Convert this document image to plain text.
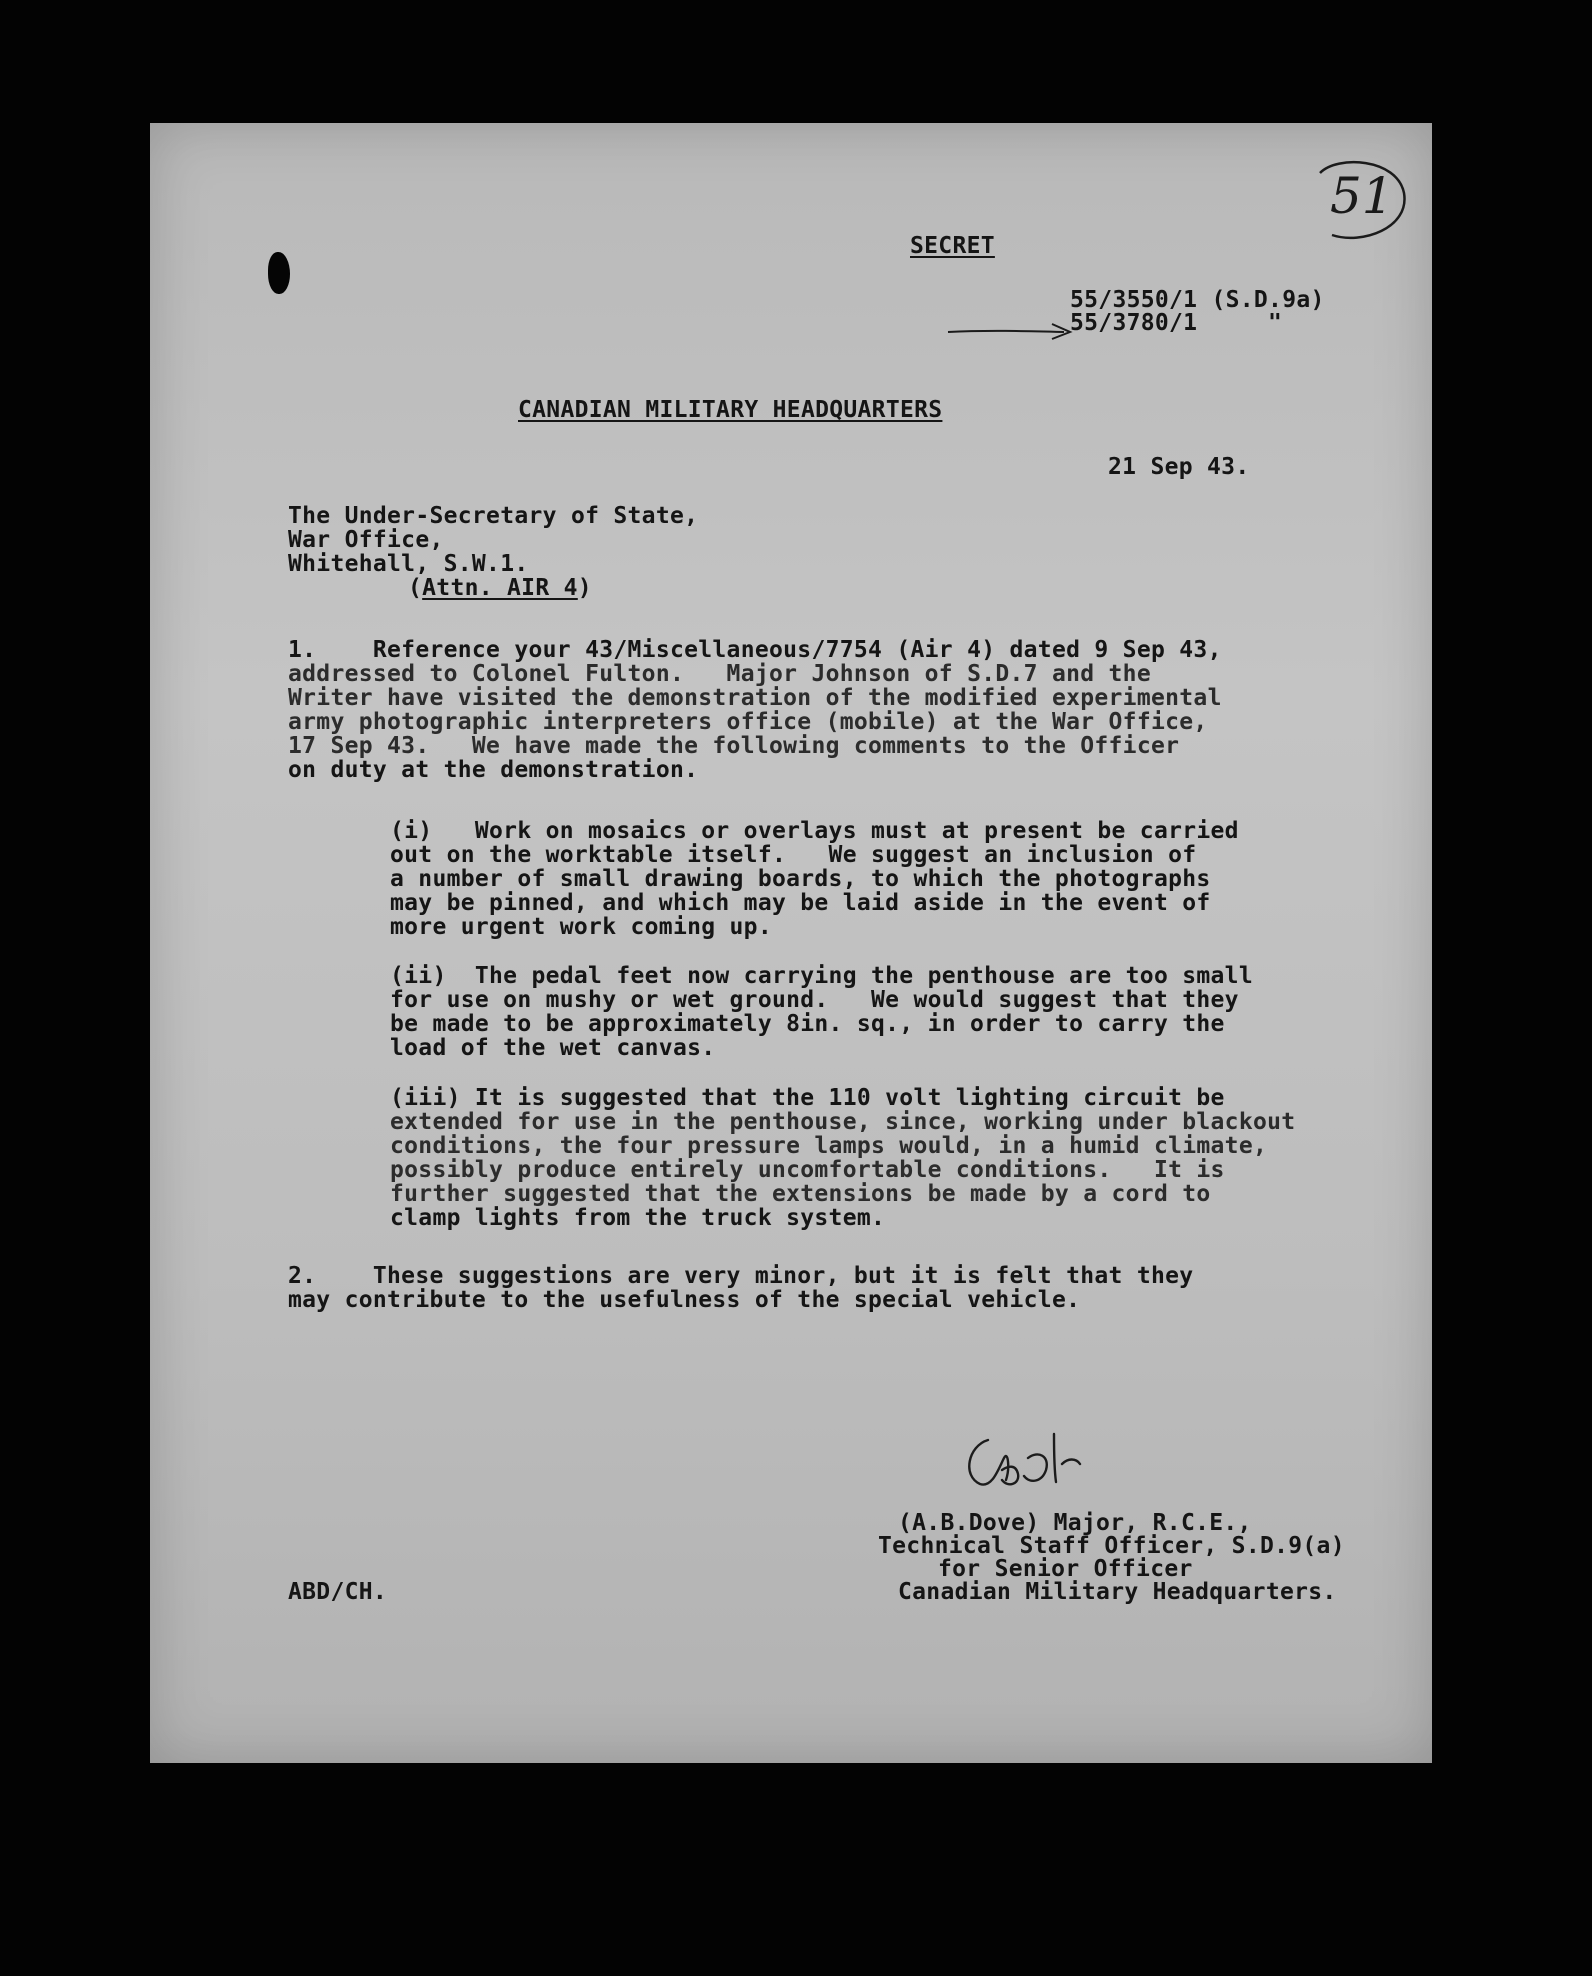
51
SECRET
55/3550/1 (S.D.9a)
55/3780/1     "
CANADIAN MILITARY HEADQUARTERS
21 Sep 43.
The Under-Secretary of State,
War Office,
Whitehall, S.W.1.
(Attn. AIR 4)
1.    Reference your 43/Miscellaneous/7754 (Air 4) dated 9 Sep 43,
addressed to Colonel Fulton.   Major Johnson of S.D.7 and the
Writer have visited the demonstration of the modified experimental
army photographic interpreters office (mobile) at the War Office,
17 Sep 43.   We have made the following comments to the Officer
on duty at the demonstration.
(i)   Work on mosaics or overlays must at present be carried
out on the worktable itself.   We suggest an inclusion of
a number of small drawing boards, to which the photographs
may be pinned, and which may be laid aside in the event of
more urgent work coming up.
(ii)  The pedal feet now carrying the penthouse are too small
for use on mushy or wet ground.   We would suggest that they
be made to be approximately 8in. sq., in order to carry the
load of the wet canvas.
(iii) It is suggested that the 110 volt lighting circuit be
extended for use in the penthouse, since, working under blackout
conditions, the four pressure lamps would, in a humid climate,
possibly produce entirely uncomfortable conditions.   It is
further suggested that the extensions be made by a cord to
clamp lights from the truck system.
2.    These suggestions are very minor, but it is felt that they
may contribute to the usefulness of the special vehicle.
(A.B.Dove) Major, R.C.E.,
Technical Staff Officer, S.D.9(a)
for Senior Officer
Canadian Military Headquarters.
ABD/CH.
